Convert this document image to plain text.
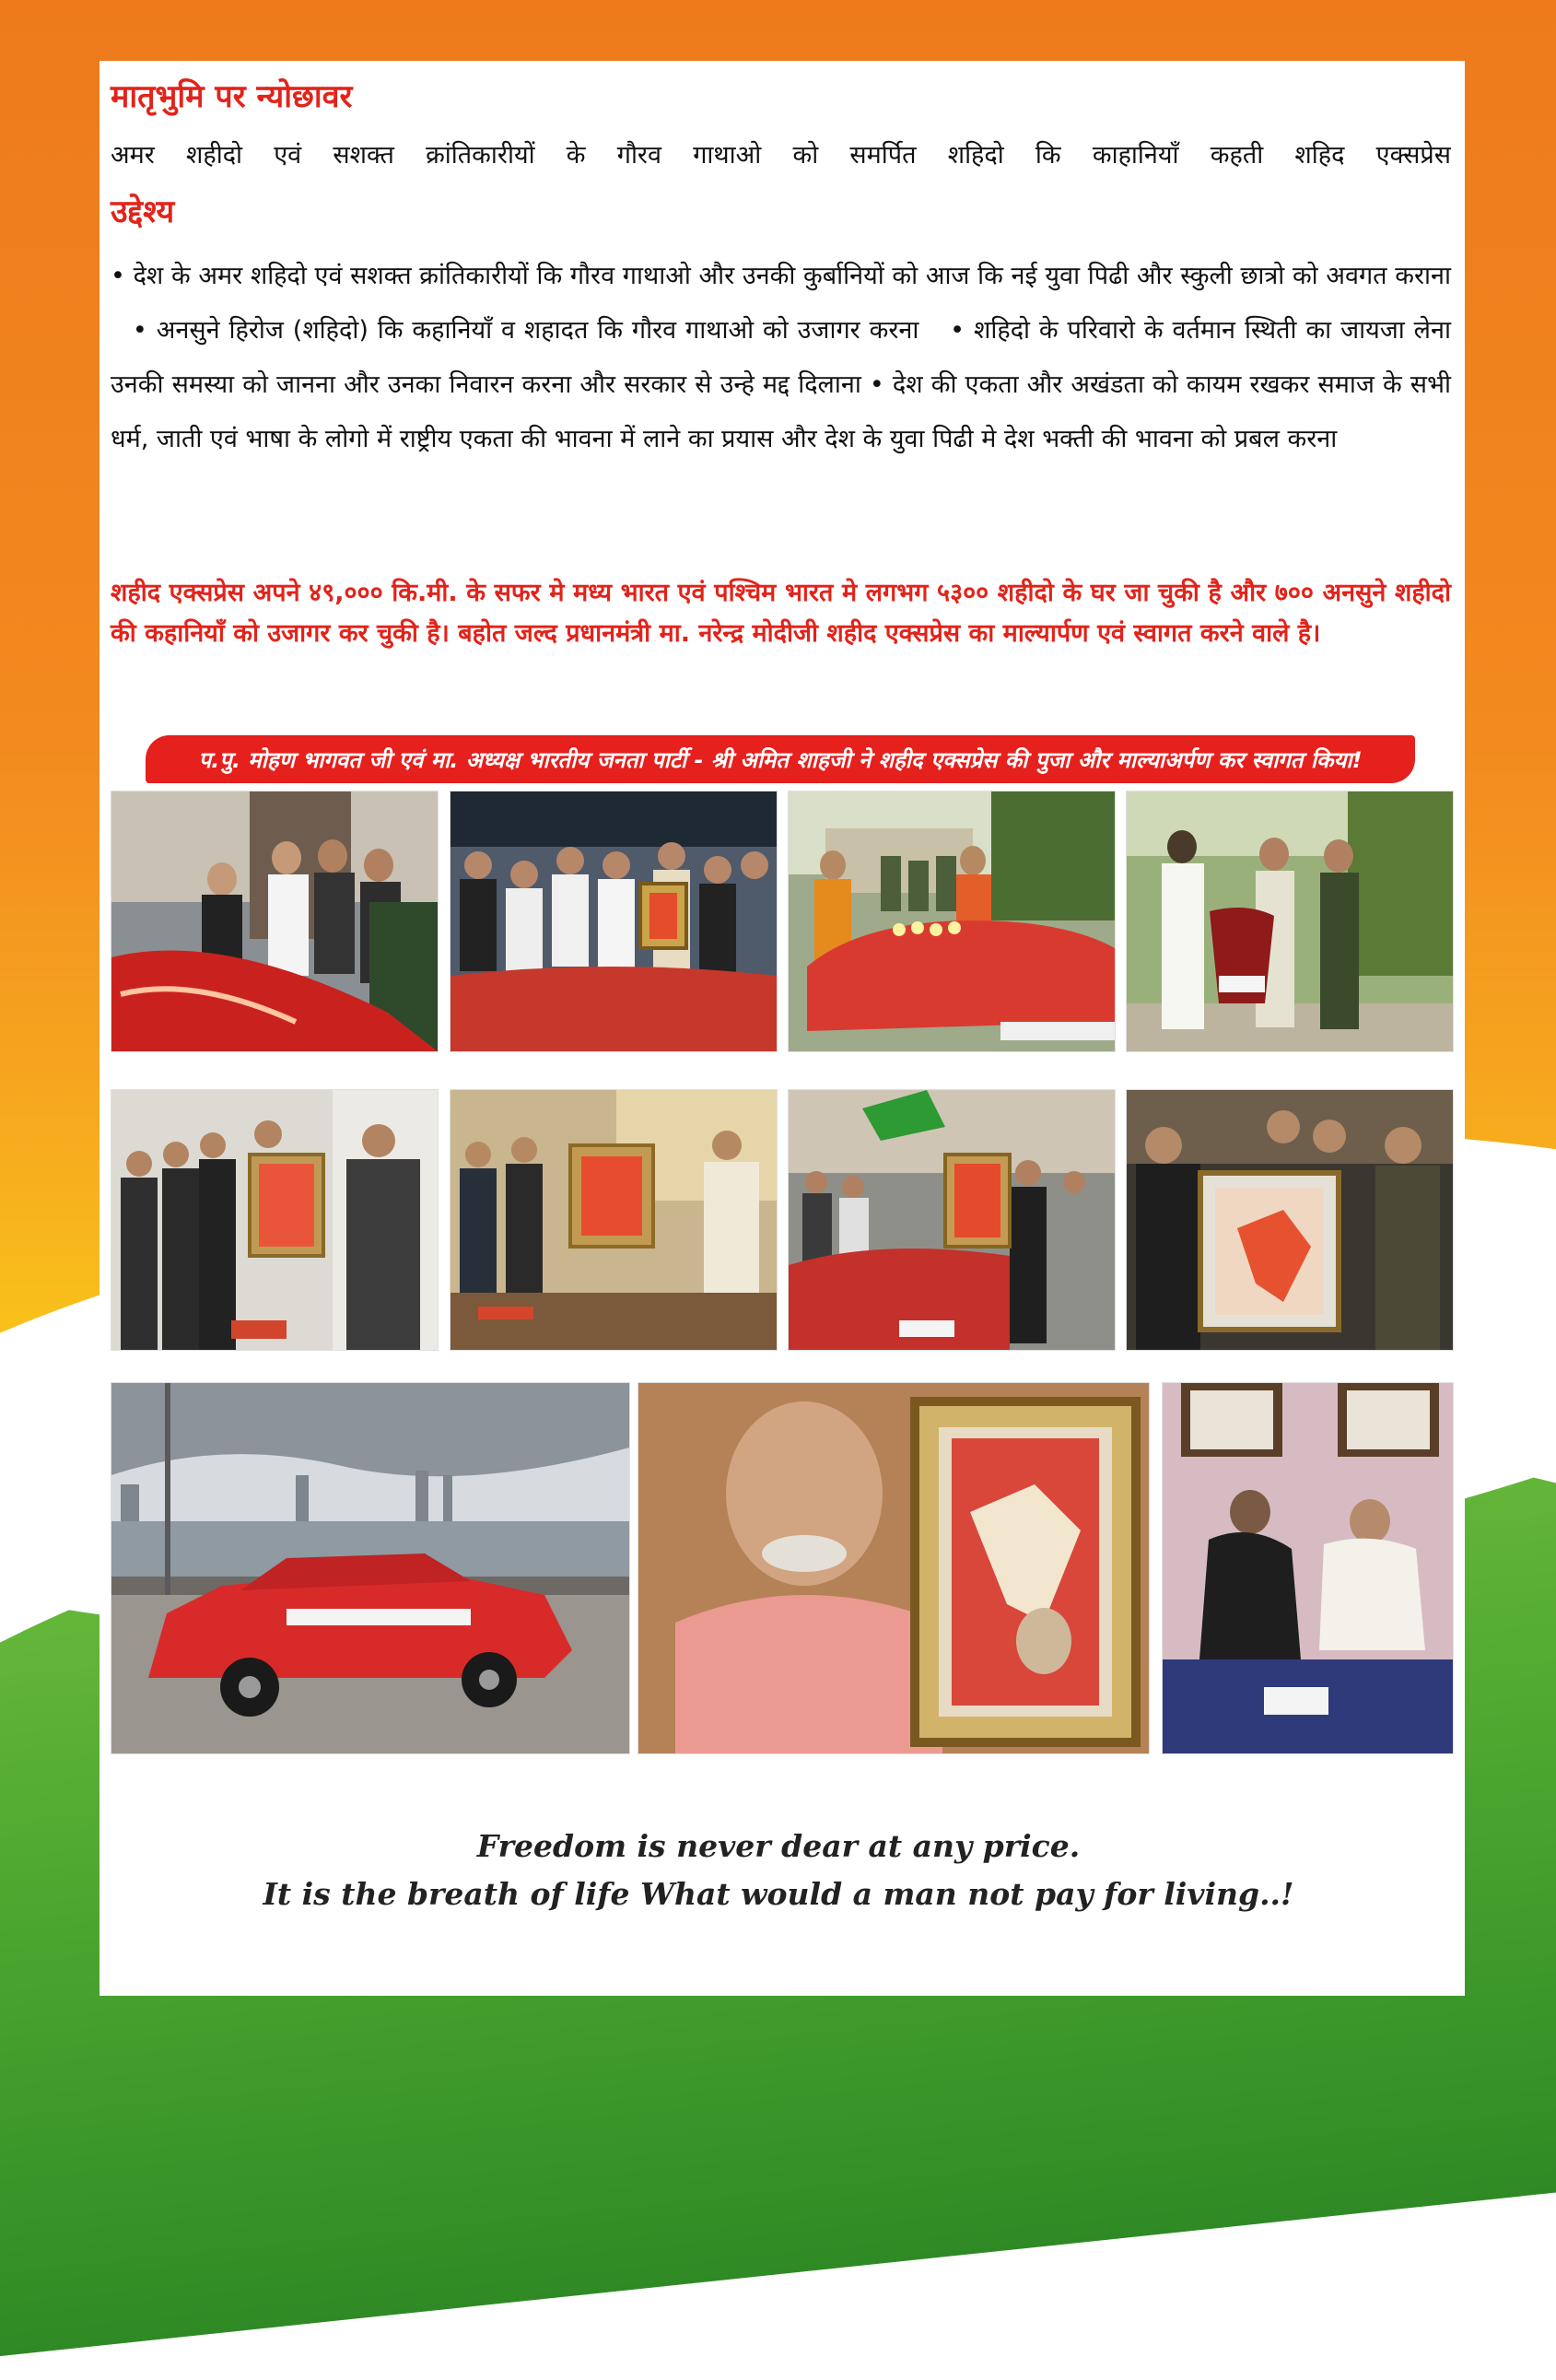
मातृभुमि पर न्योछावर
अमर शहीदो एवं सशक्त क्रांतिकारीयों के गौरव गाथाओ को समर्पित शहिदो कि काहानियाँ कहती शहिद एक्सप्रेस
उद्देश्य

• देश के अमर शहिदो एवं सशक्त क्रांतिकारीयों कि गौरव गाथाओ और उनकी कुर्बानियों को आज कि नई युवा पिढी और स्कुली छात्रो को अवगत कराना  • अनसुने हिरोज (शहिदो) कि कहानियाँ व शहादत कि गौरव गाथाओ को उजागर करना • शहिदो के परिवारो के वर्तमान स्थिती का जायजा लेना उनकी समस्या को जानना और उनका निवारन करना और सरकार से उन्हे मद्द दिलाना • देश की एकता और अखंडता को कायम रखकर समाज के सभी धर्म, जाती एवं भाषा के लोगो में राष्ट्रीय एकता की भावना में लाने का प्रयास और देश के युवा पिढी मे देश भक्ती की भावना को प्रबल करना

शहीद एक्सप्रेस अपने ४९,००० कि.मी. के सफर मे मध्य भारत एवं पश्चिम भारत मे लगभग ५३०० शहीदो के घर जा चुकी है और ७०० अनसुने शहीदो की कहानियाँ को उजागर कर चुकी है। बहोत जल्द प्रधानमंत्री मा. नरेन्द्र मोदीजी शहीद एक्सप्रेस का माल्यार्पण एवं स्वागत करने वाले है।

प.पु. मोहण भागवत जी एवं मा. अध्यक्ष भारतीय जनता पार्टी - श्री अमित शाहजी ने शहीद एक्सप्रेस की पुजा और माल्याअर्पण कर स्वागत किया!
Freedom is never dear at any price.
It is the breath of life What would a man not pay for living..!
